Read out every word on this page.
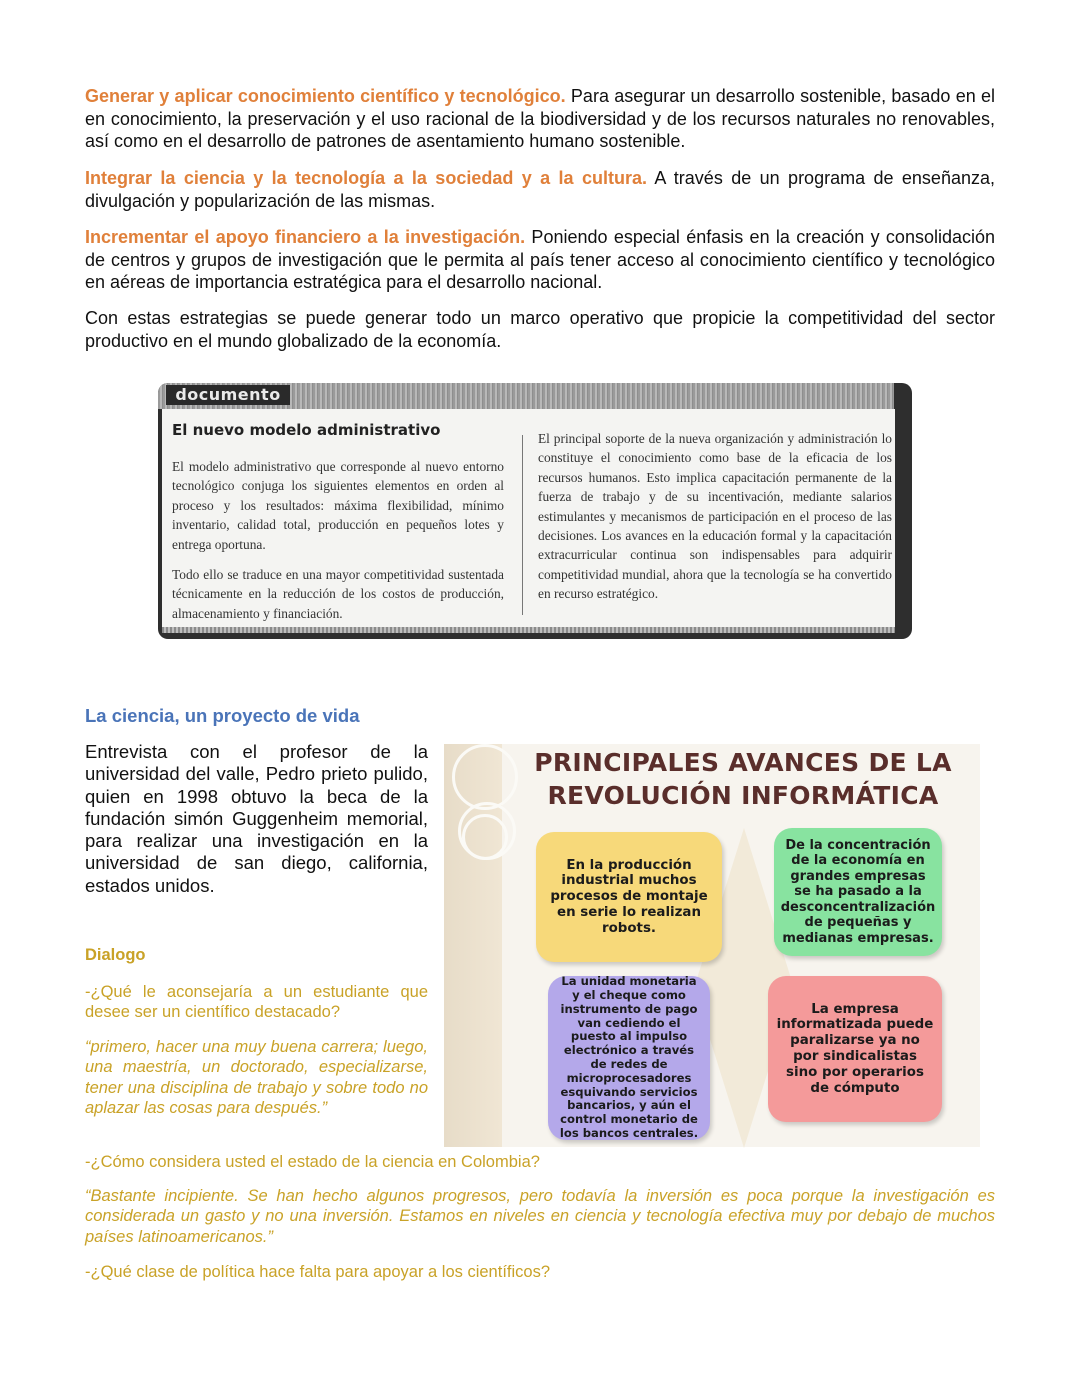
Generar y aplicar conocimiento científico y tecnológico. Para asegurar un desarrollo sostenible, basado en el en conocimiento, la preservación y el uso racional de la biodiversidad y de los recursos naturales no renovables, así como en el desarrollo de patrones de asentamiento humano sostenible.

Integrar la ciencia y la tecnología a la sociedad y a la cultura. A través de un programa de enseñanza, divulgación y popularización de las mismas.

Incrementar el apoyo financiero a la investigación. Poniendo especial énfasis en la creación y consolidación de centros y grupos de investigación que le permita al país tener acceso al conocimiento científico y tecnológico en aéreas de importancia estratégica para el desarrollo nacional.

Con estas estrategias se puede generar todo un marco operativo que propicie la competitividad del sector productivo en el mundo globalizado de la economía.

documento
El nuevo modelo administrativo

El modelo administrativo que corresponde al nuevo entorno tecnológico conjuga los siguientes elementos en orden al proceso y los resultados: máxima flexibilidad, mínimo inventario, calidad total, producción en pequeños lotes y entrega oportuna.

Todo ello se traduce en una mayor competitividad sustentada técnicamente en la reducción de los costos de producción, almacenamiento y financiación.

El principal soporte de la nueva organización y administración lo constituye el conocimiento como base de la eficacia de los recursos humanos. Esto implica capacitación permanente de la fuerza de trabajo y de su incentivación, mediante salarios estimulantes y mecanismos de participación en el proceso de las decisiones. Los avances en la educación formal y la capacitación extracurricular continua son indispensables para adquirir competitividad mundial, ahora que la tecnología se ha convertido en recurso estratégico.

La ciencia, un proyecto de vida

Entrevista con el profesor de la universidad del valle, Pedro prieto pulido, quien en 1998 obtuvo la beca de la fundación simón Guggenheim memorial, para realizar una investigación en la universidad de san diego, california, estados unidos.

Dialogo

-¿Qué le aconsejaría a un estudiante que desee ser un científico destacado?

“primero, hacer una muy buena carrera; luego, una maestría, un doctorado, especializarse, tener una disciplina de trabajo y sobre todo no aplazar las cosas para después.”

-¿Cómo considera usted el estado de la ciencia en Colombia?

“Bastante incipiente. Se han hecho algunos progresos, pero todavía la inversión es poca porque la investigación es considerada un gasto y no una inversión. Estamos en niveles en ciencia y tecnología efectiva muy por debajo de muchos países latinoamericanos.”

-¿Qué clase de política hace falta para apoyar a los científicos?

PRINCIPALES AVANCES DE LA
REVOLUCIÓN INFORMÁTICA
En la producción industrial muchos procesos de montaje en serie lo realizan robots.
De la concentración de la economía en grandes empresas se ha pasado a la desconcentralización de pequeñas y medianas empresas.
La unidad monetaria y el cheque como instrumento de pago van cediendo el puesto al impulso electrónico a través de redes de microprocesadores esquivando servicios bancarios, y aún el control monetario de los bancos centrales.
La empresa informatizada puede paralizarse ya no por sindicalistas sino por operarios de cómputo
